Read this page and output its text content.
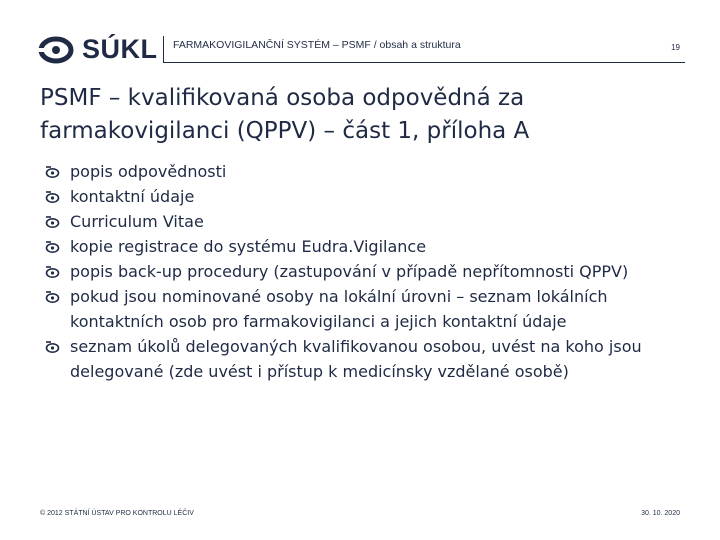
SÚKL FARMAKOVIGILANČNÍ SYSTÉM – PSMF / obsah a struktura	19
PSMF – kvalifikovaná osoba odpovědná za farmakovigilanci (QPPV) – část 1, příloha A
popis odpovědnosti
kontaktní údaje
Curriculum Vitae
kopie registrace do systému Eudra.Vigilance
popis back-up procedury (zastupování v případě nepřítomnosti QPPV)
pokud jsou nominované osoby na lokální úrovni – seznam lokálních kontaktních osob pro farmakovigilanci a jejich kontaktní údaje
seznam úkolů delegovaných kvalifikovanou osobou, uvést na koho jsou delegované (zde uvést i přístup k medicínsky vzdělané osobě)
© 2012 STÁTNÍ ÚSTAV PRO KONTROLU LÉČIV	30. 10. 2020
